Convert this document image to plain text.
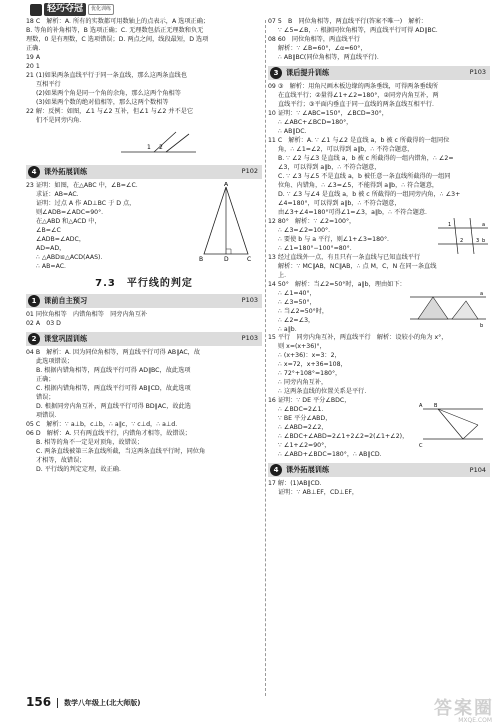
轻巧夺冠	优化训练

18 C　解析：A. 所有的实数都可用数轴上的点表示，A 选项正确；

B. 等角的补角相等，B 选项正确；C. 无理数包括正无理数和负无

理数，0 是有理数，C 选项错误；D. 两点之间，线段最短，D 选项

正确．

19 A

20 1

21 (1)如果两条直线平行于同一条直线，那么这两条直线也

互相平行

(2)如果两个角是同一个角的余角，那么这两个角相等

(3)如果两个数的绝对值相等，那么这两个数相等

22 解：反例：如图，∠1 与∠2 互补，但∠1 与∠2 并不是它

们不是同旁内角．

1 2
4	课外拓展训练	P102

23 证明：如图，在△ABC 中，∠B=∠C．

求证：AB=AC．

证明：过点 A 作 AD⊥BC 于 D 点，

则∠ADB=∠ADC=90°．

在△ABD 和△ACD 中，

∠B=∠C

∠ADB=∠ADC，

AD=AD，

∴ △ABD≌△ACD(AAS)．

∴ AB=AC．

A
B	D	C
7.3　平行线的判定
1	课前自主预习	P103

01 同位角相等　内错角相等　同旁内角互补

02 A　03 D

2	课堂巩固训练	P103

04 B　解析：A. 因为同位角相等，两直线平行可得 AB∥AC，故

此选项错误；

B. 根据内错角相等，两直线平行可得 AD∥BC，故此选项

正确；

C. 根据内错角相等，两直线平行可得 AB∥CD，故此选项

错误；

D. 根据同旁内角互补，两直线平行可得 BD∥AC，故此选

项错误．

05 C　解析：∵ a⊥b，c⊥b，∴ a∥c，∵ c⊥d，∴ a⊥d．

06 D　解析：A. 只有两直线平行，内错角才相等，故错误；

B. 相等的角不一定是对顶角，故错误；

C. 两条直线被第三条直线所截，当这两条直线平行时，同位角

才相等，故错误；

D. 平行线的判定定理，故正确．

07 5　B　同位角相等，两直线平行(答案不唯一)　解析：

∵ ∠5=∠B，∴ 根据同位角相等，两直线平行可得 AD∥BC．

08 60　同位角相等，两直线平行

解析：∵ ∠B=60°，∠α=60°，

∴ AB∥BC(同位角相等，两直线平行)．

3	课后提升训练	P103

09 ③　解析：用角尺画木板边缘的两条垂线，可得两条垂线所

在直线平行；②量得∠1+∠2=180°，②同旁内角互补，两

直线平行；③平面内垂直于同一直线的两条直线互相平行．

10 证明：∵ ∠ABC=150°，∠BCD=30°，

∴ ∠ABC+∠BCD=180°，

∴ AB∥DC．

11 C　解析：A. ∵ ∠1 与∠2 是直线 a，b 被 c 所截得的一组同位

角，∴ ∠1=∠2，可以得到 a∥b，∴ 不符合题意，

B. ∵ ∠2 与∠3 是直线 a，b 被 c 所截得的一组内错角，∴ ∠2=

∠3，可以得到 a∥b，∴ 不符合题意，

C. ∵ ∠3 与∠5 不是直线 a，b 被任意一条直线所截得的一组同

位角、内错角，∴ ∠3=∠5，不能得到 a∥b，∴ 符合题意，

D. ∵ ∠3 与∠4 是直线 a，b 被 c 所截得的一组同旁内角，∴ ∠3+

∠4=180°，可以得到 a∥b，∴ 不符合题意，

由∠3+∠4=180°可得∠1=∠3，a∥b，∴ 不符合题意．

12 80°　解析：∵ ∠2=100°，

∴ ∠3=∠2=100°．

∴ 要使 b 与 a 平行，则∠1+∠3=180°．

∴ ∠1=180°−100°=80°．

a
b
1
2	3

13 经过直线外一点，有且只有一条直线与已知直线平行

解析：∵ MC∥AB，NC∥AB，∴ 点 M，C，N 在同一条直线

上．

14 50°　解析：当∠2=50°时，a∥b，理由如下：

∴ ∠1=40°，

∴ ∠3=50°，

∴ 当∠2=50°时，

∴ ∠2=∠3，

∴ a∥b．

a
b

15 平行　同旁内角互补，两直线平行　解析：设较小的角为 x°，

则 x=(x+36)°，

∴ (x+36)：x=3：2，

∴ x=72，x+36=108，

∴ 72°+108°=180°，

∴ 同旁内角互补，

∴ 这两条直线的位置关系是平行．

16 证明：∵ DE 平分∠BDC，

∴ ∠BDC=2∠1．

∵ BE 平分∠ABD，

∴ ∠ABD=2∠2，

∴ ∠BDC+∠ABD=2∠1+2∠2=2(∠1+∠2)，

∵ ∠1+∠2=90°，

∴ ∠ABD+∠BDC=180°，∴ AB∥CD．

B
A
C
4	课外拓展训练	P104

17 解：(1)AB∥CD．

证明：∵ AB⊥EF，CD⊥EF，

156 数学八年级上(北大师版)	答案圈
MXQE.COM
